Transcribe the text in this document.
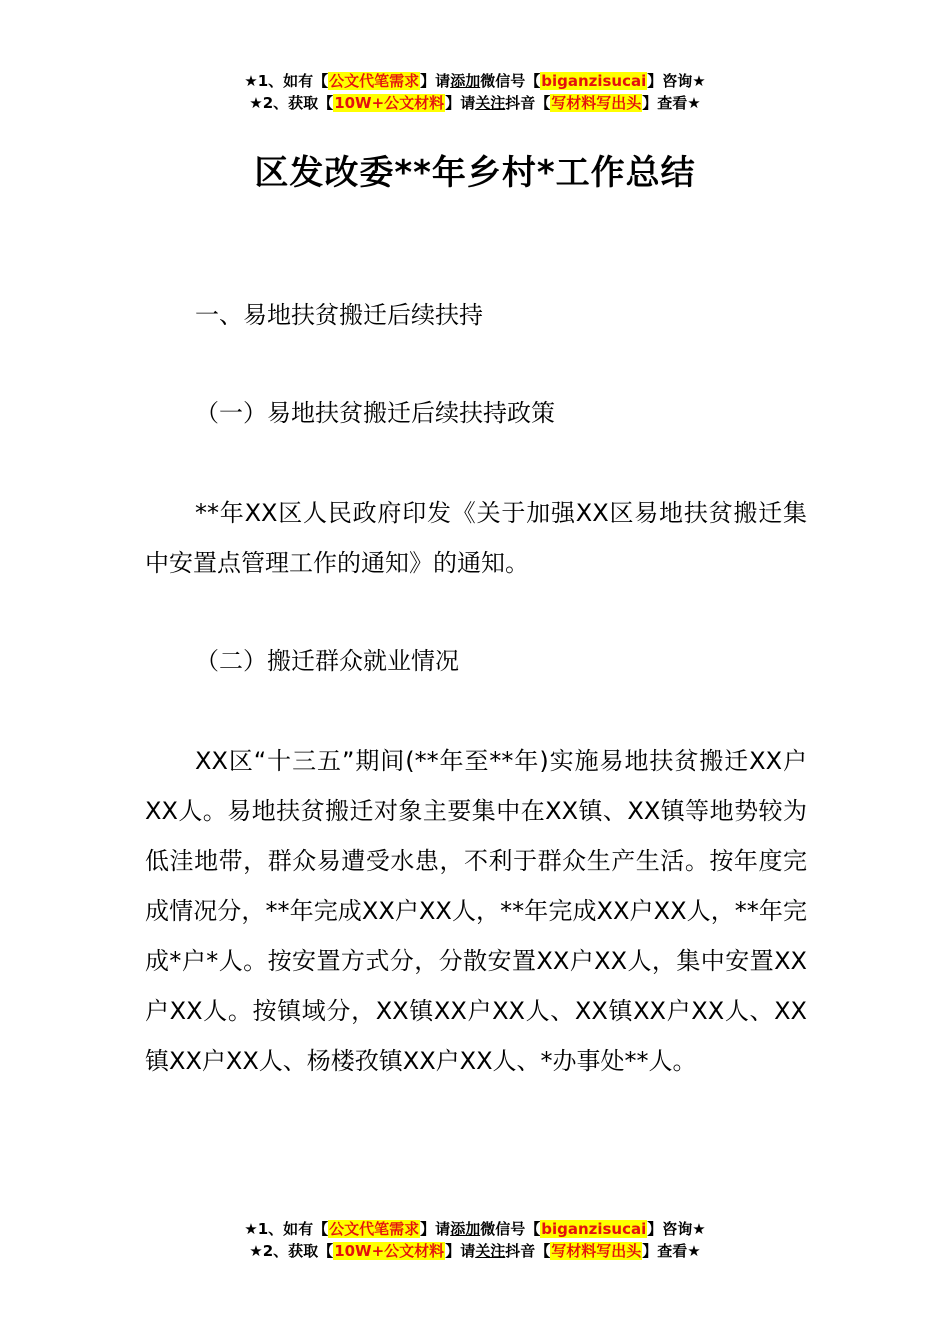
★1、如有【公文代笔需求】请添加微信号【biganzisucai】咨询★
★2、获取【10W+公文材料】请关注抖音【写材料写出头】查看★
区发改委**年乡村*工作总结
一、易地扶贫搬迁后续扶持
（一）易地扶贫搬迁后续扶持政策
**年XX区人民政府印发《关于加强XX区易地扶贫搬迁集中安置点管理工作的通知》的通知。
（二）搬迁群众就业情况
XX区“十三五”期间(**年至**年)实施易地扶贫搬迁XX户XX人。易地扶贫搬迁对象主要集中在XX镇、XX镇等地势较为低洼地带，群众易遭受水患，不利于群众生产生活。按年度完成情况分，**年完成XX户XX人，**年完成XX户XX人，**年完成*户*人。按安置方式分，分散安置XX户XX人，集中安置XX户XX人。按镇域分，XX镇XX户XX人、XX镇XX户XX人、XX镇XX户XX人、杨楼孜镇XX户XX人、*办事处**人。
★1、如有【公文代笔需求】请添加微信号【biganzisucai】咨询★
★2、获取【10W+公文材料】请关注抖音【写材料写出头】查看★
